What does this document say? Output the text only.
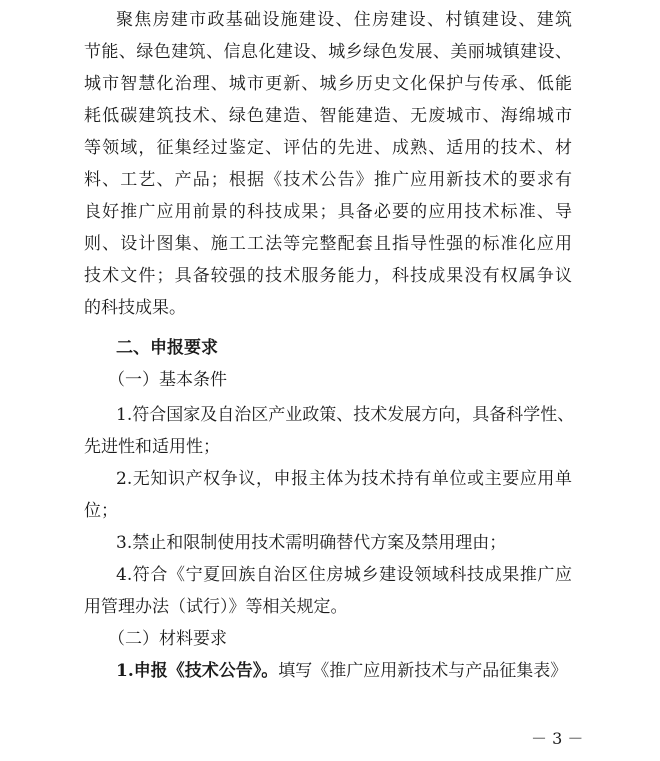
聚焦房建市政基础设施建设、住房建设、村镇建设、建筑
节能、绿色建筑、信息化建设、城乡绿色发展、美丽城镇建设、
城市智慧化治理、城市更新、城乡历史文化保护与传承、低能
耗低碳建筑技术、绿色建造、智能建造、无废城市、海绵城市
等领域，征集经过鉴定、评估的先进、成熟、适用的技术、材
料、工艺、产品；根据《技术公告》推广应用新技术的要求有
良好推广应用前景的科技成果；具备必要的应用技术标准、导
则、设计图集、施工工法等完整配套且指导性强的标准化应用
技术文件；具备较强的技术服务能力，科技成果没有权属争议
的科技成果。
二、申报要求
（一）基本条件
1.符合国家及自治区产业政策、技术发展方向，具备科学性、
先进性和适用性；
2.无知识产权争议，申报主体为技术持有单位或主要应用单
位；
3.禁止和限制使用技术需明确替代方案及禁用理由；
4.符合《宁夏回族自治区住房城乡建设领域科技成果推广应
用管理办法（试行）》等相关规定。
（二）材料要求
1.申报《技术公告》。填写《推广应用新技术与产品征集表》
－ 3 －
